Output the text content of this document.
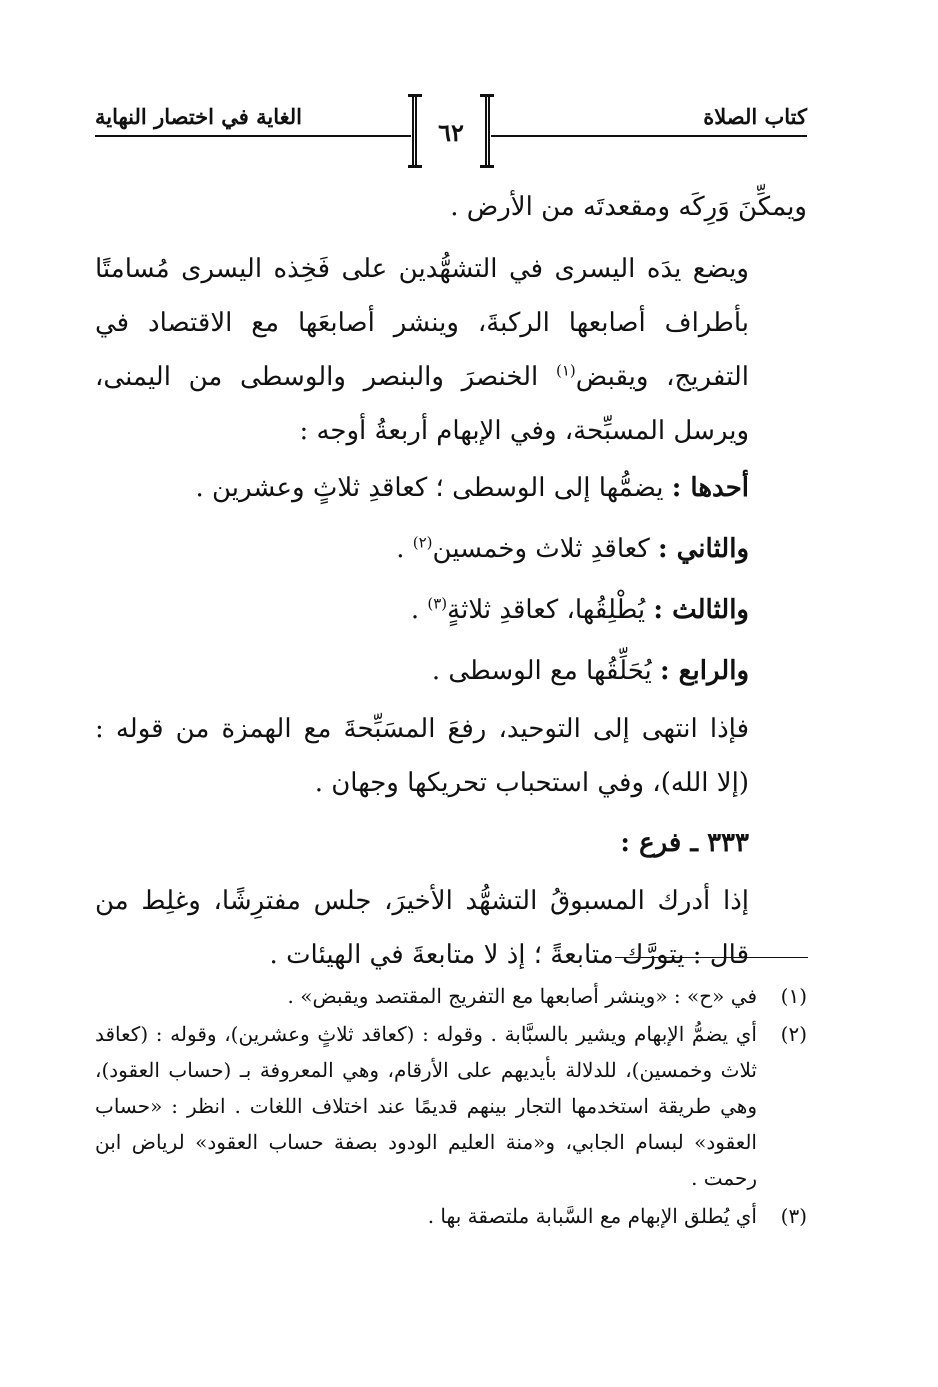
كتاب الصلاة
الغاية في اختصار النهاية
٦٢

ويمكِّنَ وَرِكَه ومقعدتَه من الأرض .

ويضع يدَه اليسرى في التشهُّدين على فَخِذه اليسرى مُسامتًا بأطراف أصابعها الركبةَ، وينشر أصابعَها مع الاقتصاد في التفريج، ويقبض$^{(١)}$ الخنصرَ والبنصر والوسطى من اليمنى، ويرسل المسبِّحة، وفي الإبهام أربعةُ أوجه :

أحدها : يضمُّها إلى الوسطى ؛ كعاقدِ ثلاثٍ وعشرين .

والثاني : كعاقدِ ثلاث وخمسين$^{(٢)}$ .

والثالث : يُطْلِقُها، كعاقدِ ثلاثةٍ$^{(٣)}$ .

والرابع : يُحَلِّقُها مع الوسطى .

فإذا انتهى إلى التوحيد، رفعَ المسَبِّحةَ مع الهمزة من قوله : (إلا الله)، وفي استحباب تحريكها وجهان .

٣٣٣ ـ فرع :

إذا أدرك المسبوقُ التشهُّد الأخيرَ، جلس مفترِشًا، وغلِط من قال : يتورَّك متابعةً ؛ إذ لا متابعةَ في الهيئات .

(١)
في «ح» : «وينشر أصابعها مع التفريج المقتصد ويقبض» .

(٢)
أي يضمُّ الإبهام ويشير بالسبَّابة . وقوله : (كعاقد ثلاثٍ وعشرين)، وقوله : (كعاقد ثلاث وخمسين)، للدلالة بأيديهم على الأرقام، وهي المعروفة بـ (حساب العقود)، وهي طريقة استخدمها التجار بينهم قديمًا عند اختلاف اللغات . انظر : «حساب العقود» لبسام الجابي، و«منة العليم الودود بصفة حساب العقود» لرياض ابن رحمت .

(٣)
أي يُطلق الإبهام مع السَّبابة ملتصقة بها .
